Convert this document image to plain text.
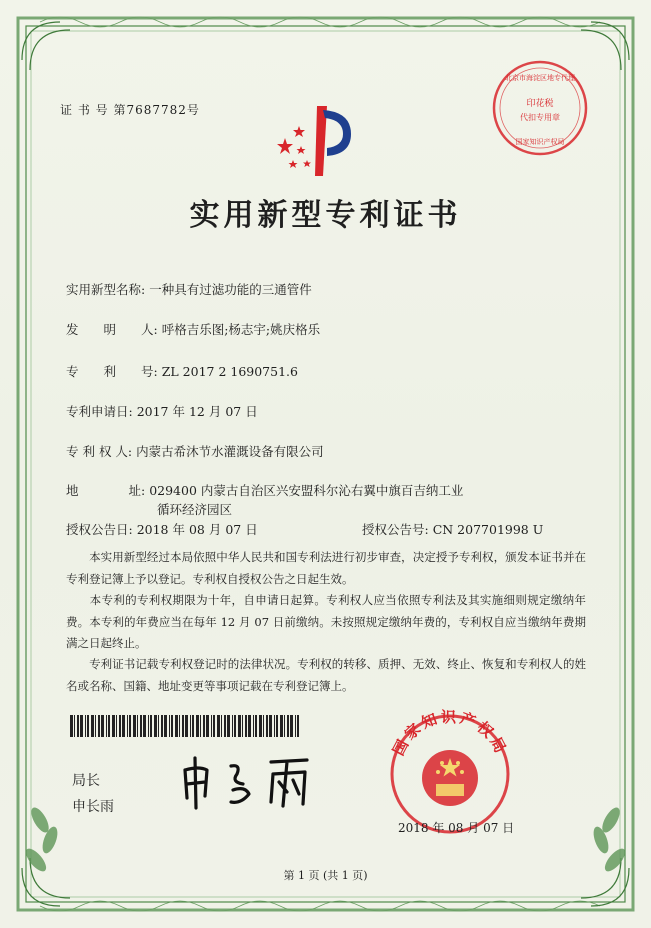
证 书 号 第7687782号	印花税
代扣专用章
北京市海淀区地专代理
国家知识产权局
实用新型专利证书
实用新型名称: 一种具有过滤功能的三通管件
发　　明　　人: 呼格吉乐图;杨志宇;姚庆格乐
专　　利　　号: ZL 2017 2 1690751.6
专利申请日: 2017 年 12 月 07 日
专 利 权 人: 内蒙古希沐节水灌溉设备有限公司
地　　　　址: 029400 内蒙古自治区兴安盟科尔沁右翼中旗百吉纳工业
循环经济园区
授权公告日: 2018 年 08 月 07 日	授权公告号: CN 207701998 U
　　本实用新型经过本局依照中华人民共和国专利法进行初步审查，决定授予专利权，颁发本证书并在专利登记簿上予以登记。专利权自授权公告之日起生效。
　　本专利的专利权期限为十年，自申请日起算。专利权人应当依照专利法及其实施细则规定缴纳年费。本专利的年费应当在每年 12 月 07 日前缴纳。未按照规定缴纳年费的，专利权自应当缴纳年费期满之日起终止。
　　专利证书记载专利权登记时的法律状况。专利权的转移、质押、无效、终止、恢复和专利权人的姓名或名称、国籍、地址变更等事项记载在专利登记簿上。
局长
申长雨
国家知识产权局
2018 年 08 月 07 日
第 1 页 (共 1 页)
